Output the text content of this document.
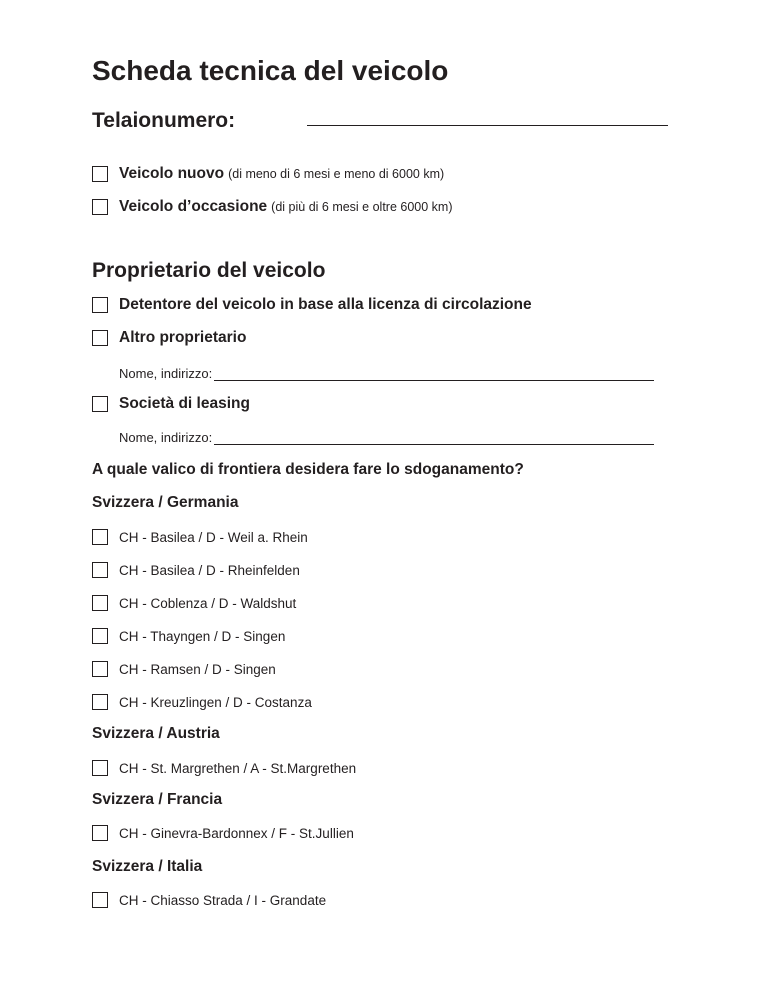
Scheda tecnica del veicolo
Telaionumero:
Veicolo nuovo (di meno di 6 mesi e meno di 6000 km)
Veicolo d’occasione (di più di 6 mesi e oltre 6000 km)
Proprietario del veicolo
Detentore del veicolo in base alla licenza di circolazione
Altro proprietario
Nome, indirizzo:
Società di leasing
Nome, indirizzo:
A quale valico di frontiera desidera fare lo sdoganamento?
Svizzera / Germania
CH - Basilea / D - Weil a. Rhein
CH - Basilea / D - Rheinfelden
CH - Coblenza / D - Waldshut
CH - Thayngen / D - Singen
CH - Ramsen / D - Singen
CH - Kreuzlingen / D - Costanza
Svizzera / Austria
CH - St. Margrethen / A - St.Margrethen
Svizzera / Francia
CH - Ginevra-Bardonnex / F - St.Jullien
Svizzera / Italia
CH - Chiasso Strada / I - Grandate
